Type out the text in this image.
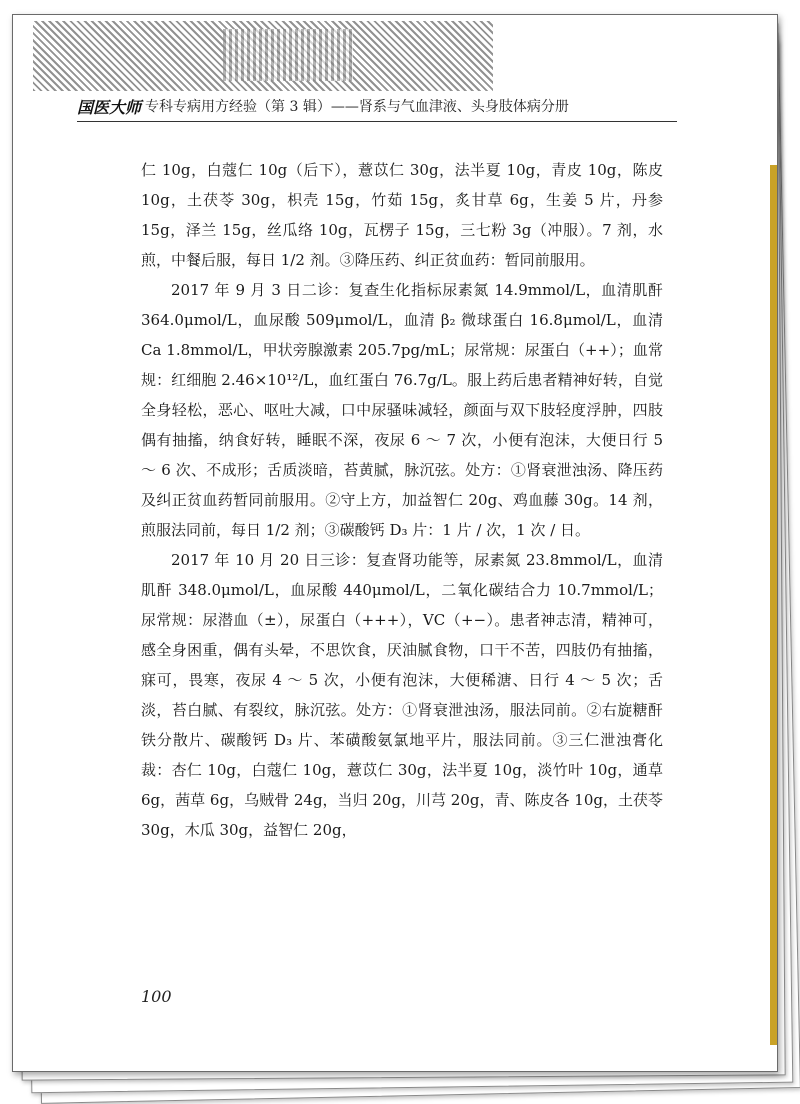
国医大师 专科专病用方经验（第 3 辑）——肾系与气血津液、头身肢体病分册

仁 10g，白蔻仁 10g（后下），薏苡仁 30g，法半夏 10g，青皮 10g，陈皮 10g，土茯苓 30g，枳壳 15g，竹茹 15g，炙甘草 6g，生姜 5 片，丹参 15g，泽兰 15g，丝瓜络 10g，瓦楞子 15g，三七粉 3g（冲服）。7 剂，水煎，中餐后服，每日 1/2 剂。③降压药、纠正贫血药：暂同前服用。

2017 年 9 月 3 日二诊：复查生化指标尿素氮 14.9mmol/L，血清肌酐 364.0μmol/L，血尿酸 509μmol/L，血清 β₂ 微球蛋白 16.8μmol/L，血清 Ca 1.8mmol/L，甲状旁腺激素 205.7pg/mL；尿常规：尿蛋白（++）；血常规：红细胞 2.46×10¹²/L，血红蛋白 76.7g/L。服上药后患者精神好转，自觉全身轻松，恶心、呕吐大减，口中尿骚味减轻，颜面与双下肢轻度浮肿，四肢偶有抽搐，纳食好转，睡眠不深，夜尿 6 ～ 7 次，小便有泡沫，大便日行 5 ～ 6 次、不成形；舌质淡暗，苔黄腻，脉沉弦。处方：①肾衰泄浊汤、降压药及纠正贫血药暂同前服用。②守上方，加益智仁 20g、鸡血藤 30g。14 剂，煎服法同前，每日 1/2 剂；③碳酸钙 D₃ 片：1 片 / 次，1 次 / 日。

2017 年 10 月 20 日三诊：复查肾功能等，尿素氮 23.8mmol/L，血清肌酐 348.0μmol/L，血尿酸 440μmol/L，二氧化碳结合力 10.7mmol/L；尿常规：尿潜血（±），尿蛋白（+++），VC（+−）。患者神志清，精神可，感全身困重，偶有头晕，不思饮食，厌油腻食物，口干不苦，四肢仍有抽搐，寐可，畏寒，夜尿 4 ～ 5 次，小便有泡沫，大便稀溏、日行 4 ～ 5 次；舌淡，苔白腻、有裂纹，脉沉弦。处方：①肾衰泄浊汤，服法同前。②右旋糖酐铁分散片、碳酸钙 D₃ 片、苯磺酸氨氯地平片，服法同前。③三仁泄浊膏化裁：杏仁 10g，白蔻仁 10g，薏苡仁 30g，法半夏 10g，淡竹叶 10g，通草 6g，茜草 6g，乌贼骨 24g，当归 20g，川芎 20g，青、陈皮各 10g，土茯苓 30g，木瓜 30g，益智仁 20g，

100
